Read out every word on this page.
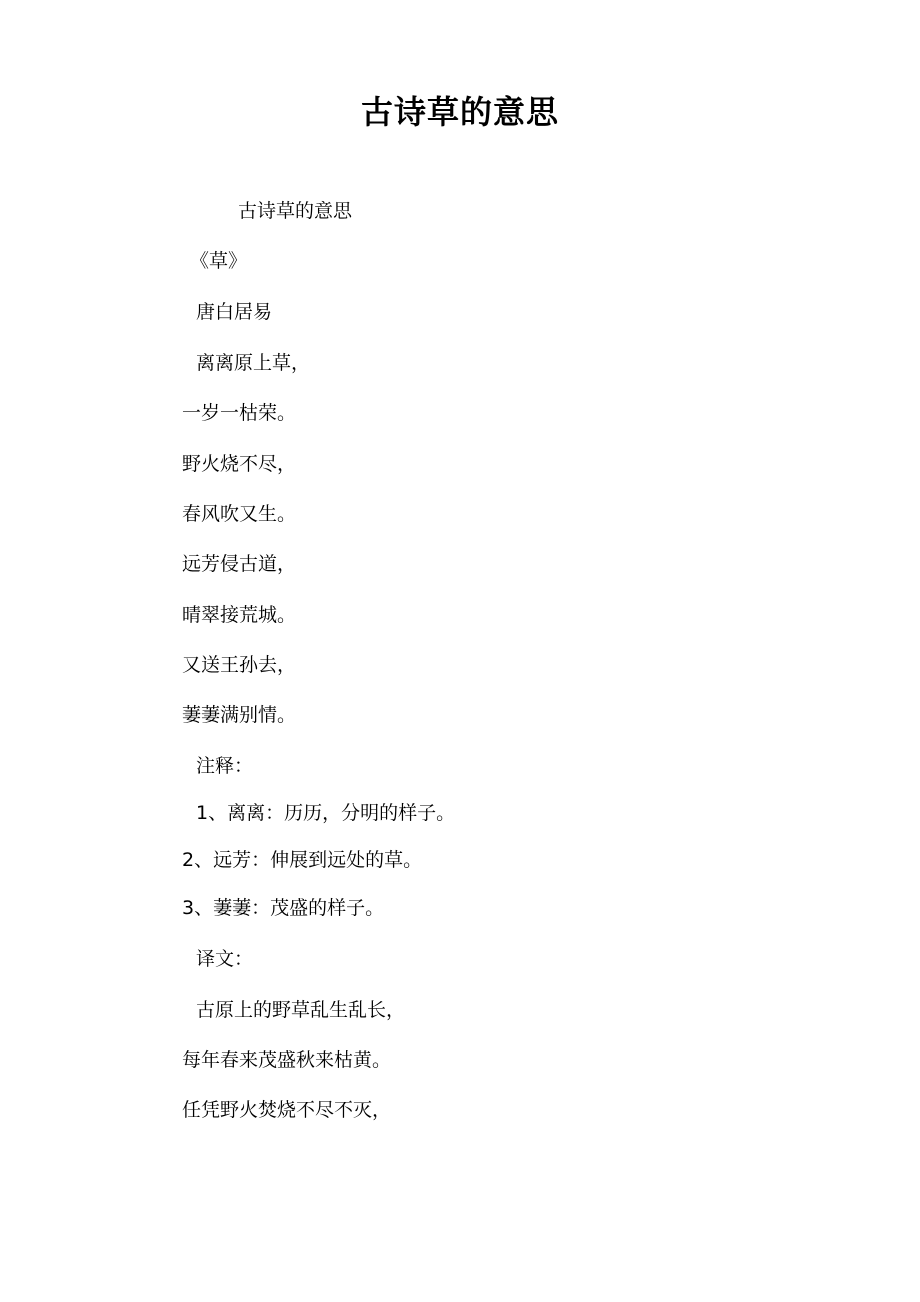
古诗草的意思
古诗草的意思
《草》
唐白居易
离离原上草，
一岁一枯荣。
野火烧不尽，
春风吹又生。
远芳侵古道，
晴翠接荒城。
又送王孙去，
萋萋满别情。
注释：
1、离离：历历，分明的样子。
2、远芳：伸展到远处的草。
3、萋萋：茂盛的样子。
译文：
古原上的野草乱生乱长，
每年春来茂盛秋来枯黄。
任凭野火焚烧不尽不灭，
